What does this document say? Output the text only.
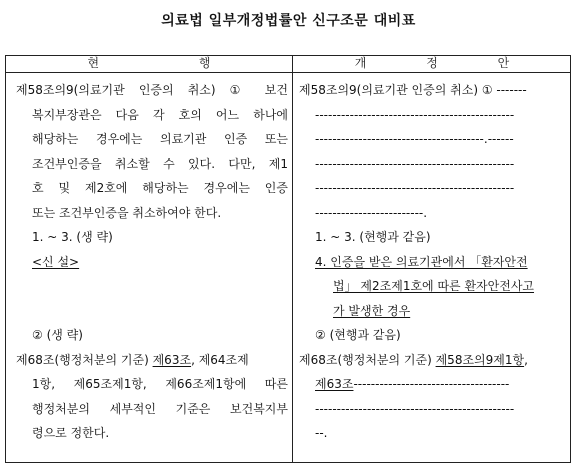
의료법 일부개정법률안 신구조문 대비표
현 행	개 정 안
제58조의9(의료기관 인증의 취소) ① 보건
복지부장관은 다음 각 호의 어느 하나에
해당하는 경우에는 의료기관 인증 또는
조건부인증을 취소할 수 있다. 다만, 제1
호 및 제2호에 해당하는 경우에는 인증
또는 조건부인증을 취소하여야 한다.
1. ~ 3. (생 략)
<신 설>
② (생 략)
제68조(행정처분의 기준) 제63조, 제64조제
1항, 제65조제1항, 제66조제1항에 따른
행정처분의 세부적인 기준은 보건복지부
령으로 정한다.
제58조의9(의료기관 인증의 취소) ① -------
----------------------------------------------
---------------------------------------.------
----------------------------------------------
----------------------------------------------
-------------------------.
1. ~ 3. (현행과 같음)
4. 인증을 받은 의료기관에서 「환자안전
법」 제2조제1호에 따른 환자안전사고
가 발생한 경우
② (현행과 같음)
제68조(행정처분의 기준) 제58조의9제1항,
제63조------------------------------------
----------------------------------------------
--.
